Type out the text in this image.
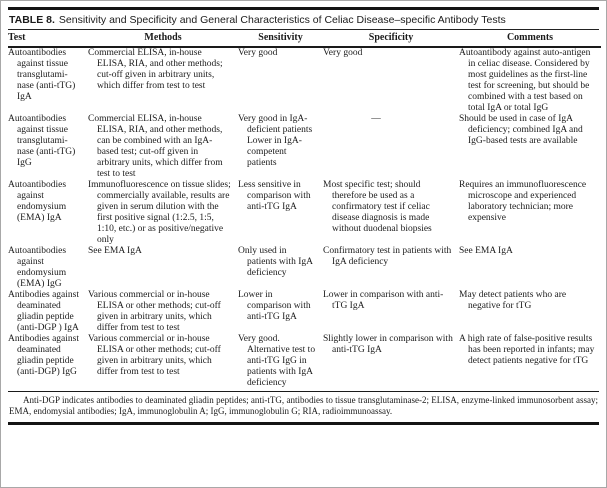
TABLE 8. Sensitivity and Specificity and General Characteristics of Celiac Disease–specific Antibody Tests
Test	Methods	Sensitivity	Specificity	Comments

Autoantibodies against tissue transglutami-nase (anti-tTG) IgA	Commercial ELISA, in-house ELISA, RIA, and other methods; cut-off given in arbitrary units, which differ from test to test	Very good	Very good	Autoantibody against auto-antigen in celiac disease. Considered by most guidelines as the first-line test for screening, but should be combined with a test based on total IgA or total IgG

Autoantibodies against tissue transglutami-nase (anti-tTG) IgG	Commercial ELISA, in-house ELISA, RIA, and other methods, can be combined with an IgA-based test; cut-off given in arbitrary units, which differ from test to test	Very good in IgA-deficient patients Lower in IgA-competent patients	—	Should be used in case of IgA deficiency; combined IgA and IgG-based tests are available

Autoantibodies against endomysium (EMA) IgA	Immunofluorescence on tissue slides; commercially available, results are given in serum dilution with the first positive signal (1:2.5, 1:5, 1:10, etc.) or as positive/negative only	Less sensitive in comparison with anti-tTG IgA	Most specific test; should therefore be used as a confirmatory test if celiac disease diagnosis is made without duodenal biopsies	Requires an immunofluorescence microscope and experienced laboratory technician; more expensive

Autoantibodies against endomysium (EMA) IgG	See EMA IgA	Only used in patients with IgA deficiency	Confirmatory test in patients with IgA deficiency	See EMA IgA

Antibodies against deaminated gliadin peptide (anti-DGP ) IgA	Various commercial or in-house ELISA or other methods; cut-off given in arbitrary units, which differ from test to test	Lower in comparison with anti-tTG IgA	Lower in comparison with anti-tTG IgA	May detect patients who are negative for tTG

Antibodies against deaminated gliadin peptide (anti-DGP) IgG	Various commercial or in-house ELISA or other methods; cut-off given in arbitrary units, which differ from test to test	Very good. Alternative test to anti-tTG IgG in patients with IgA deficiency	Slightly lower in comparison with anti-tTG IgA	A high rate of false-positive results has been reported in infants; may detect patients negative for tTG
Anti-DGP indicates antibodies to deaminated gliadin peptides; anti-tTG, antibodies to tissue transglutaminase-2; ELISA, enzyme-linked immunosorbent assay; EMA, endomysial antibodies; IgA, immunoglobulin A; IgG, immunoglobulin G; RIA, radioimmunoassay.
